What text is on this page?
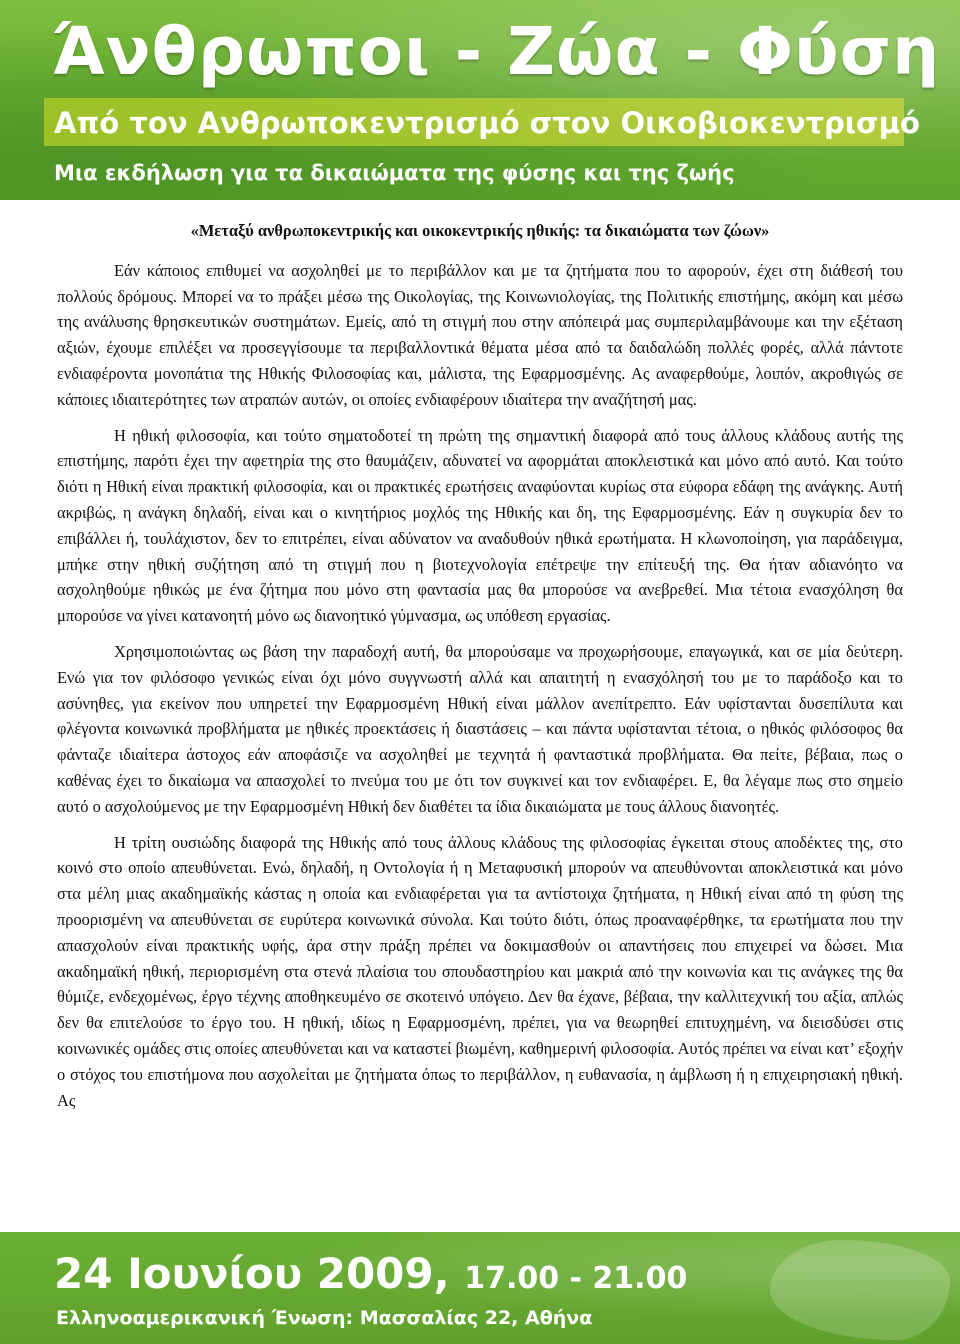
Άνθρωποι - Ζώα - Φύση
Από τον Ανθρωποκεντρισμό στον Οικοβιοκεντρισμό
Μια εκδήλωση για τα δικαιώματα της φύσης και της ζωής
«Μεταξύ ανθρωποκεντρικής και οικοκεντρικής ηθικής: τα δικαιώματα των ζώων»

Εάν κάποιος επιθυμεί να ασχοληθεί με το περιβάλλον και με τα ζητήματα που το αφορούν, έχει στη διάθεσή του πολλούς δρόμους. Μπορεί να το πράξει μέσω της Οικολογίας, της Κοινωνιολογίας, της Πολιτικής επιστήμης, ακόμη και μέσω της ανάλυσης θρησκευτικών συστημάτων. Εμείς, από τη στιγμή που στην απόπειρά μας συμπεριλαμβάνουμε και την εξέταση αξιών, έχουμε επιλέξει να προσεγγίσουμε τα περιβαλλοντικά θέματα μέσα από τα δαιδαλώδη πολλές φορές, αλλά πάντοτε ενδιαφέροντα μονοπάτια της Ηθικής Φιλοσοφίας και, μάλιστα, της Εφαρμοσμένης. Ας αναφερθούμε, λοιπόν, ακροθιγώς σε κάποιες ιδιαιτερότητες των ατραπών αυτών, οι οποίες ενδιαφέρουν ιδιαίτερα την αναζήτησή μας.

Η ηθική φιλοσοφία, και τούτο σηματοδοτεί τη πρώτη της σημαντική διαφορά από τους άλλους κλάδους αυτής της επιστήμης, παρότι έχει την αφετηρία της στο θαυμάζειν, αδυνατεί να αφορμάται αποκλειστικά και μόνο από αυτό. Και τούτο διότι η Ηθική είναι πρακτική φιλοσοφία, και οι πρακτικές ερωτήσεις αναφύονται κυρίως στα εύφορα εδάφη της ανάγκης. Αυτή ακριβώς, η ανάγκη δηλαδή, είναι και ο κινητήριος μοχλός της Ηθικής και δη, της Εφαρμοσμένης. Εάν η συγκυρία δεν το επιβάλλει ή, τουλάχιστον, δεν το επιτρέπει, είναι αδύνατον να αναδυθούν ηθικά ερωτήματα. Η κλωνοποίηση, για παράδειγμα, μπήκε στην ηθική συζήτηση από τη στιγμή που η βιοτεχνολογία επέτρεψε την επίτευξή της. Θα ήταν αδιανόητο να ασχοληθούμε ηθικώς με ένα ζήτημα που μόνο στη φαντασία μας θα μπορούσε να ανεβρεθεί. Μια τέτοια ενασχόληση θα μπορούσε να γίνει κατανοητή μόνο ως διανοητικό γύμνασμα, ως υπόθεση εργασίας.

Χρησιμοποιώντας ως βάση την παραδοχή αυτή, θα μπορούσαμε να προχωρήσουμε, επαγωγικά, και σε μία δεύτερη. Ενώ για τον φιλόσοφο γενικώς είναι όχι μόνο συγγνωστή αλλά και απαιτητή η ενασχόλησή του με το παράδοξο και το ασύνηθες, για εκείνον που υπηρετεί την Εφαρμοσμένη Ηθική είναι μάλλον ανεπίτρεπτο. Εάν υφίστανται δυσεπίλυτα και φλέγοντα κοινωνικά προβλήματα με ηθικές προεκτάσεις ή διαστάσεις – και πάντα υφίστανται τέτοια, ο ηθικός φιλόσοφος θα φάνταζε ιδιαίτερα άστοχος εάν αποφάσιζε να ασχοληθεί με τεχνητά ή φανταστικά προβλήματα. Θα πείτε, βέβαια, πως ο καθένας έχει το δικαίωμα να απασχολεί το πνεύμα του με ότι τον συγκινεί και τον ενδιαφέρει. Ε, θα λέγαμε πως στο σημείο αυτό ο ασχολούμενος με την Εφαρμοσμένη Ηθική δεν διαθέτει τα ίδια δικαιώματα με τους άλλους διανοητές.

Η τρίτη ουσιώδης διαφορά της Ηθικής από τους άλλους κλάδους της φιλοσοφίας έγκειται στους αποδέκτες της, στο κοινό στο οποίο απευθύνεται. Ενώ, δηλαδή, η Οντολογία ή η Μεταφυσική μπορούν να απευθύνονται αποκλειστικά και μόνο στα μέλη μιας ακαδημαϊκής κάστας η οποία και ενδιαφέρεται για τα αντίστοιχα ζητήματα, η Ηθική είναι από τη φύση της προορισμένη να απευθύνεται σε ευρύτερα κοινωνικά σύνολα. Και τούτο διότι, όπως προαναφέρθηκε, τα ερωτήματα που την απασχολούν είναι πρακτικής υφής, άρα στην πράξη πρέπει να δοκιμασθούν οι απαντήσεις που επιχειρεί να δώσει. Μια ακαδημαϊκή ηθική, περιορισμένη στα στενά πλαίσια του σπουδαστηρίου και μακριά από την κοινωνία και τις ανάγκες της θα θύμιζε, ενδεχομένως, έργο τέχνης αποθηκευμένο σε σκοτεινό υπόγειο. Δεν θα έχανε, βέβαια, την καλλιτεχνική του αξία, απλώς δεν θα επιτελούσε το έργο του. Η ηθική, ιδίως η Εφαρμοσμένη, πρέπει, για να θεωρηθεί επιτυχημένη, να διεισδύσει στις κοινωνικές ομάδες στις οποίες απευθύνεται και να καταστεί βιωμένη, καθημερινή φιλοσοφία. Αυτός πρέπει να είναι κατ’ εξοχήν ο στόχος του επιστήμονα που ασχολείται με ζητήματα όπως το περιβάλλον, η ευθανασία, η άμβλωση ή η επιχειρησιακή ηθική. Ας

24 Ιουνίου 2009, 17.00 - 21.00
Ελληνοαμερικανική Ένωση: Μασσαλίας 22, Αθήνα
